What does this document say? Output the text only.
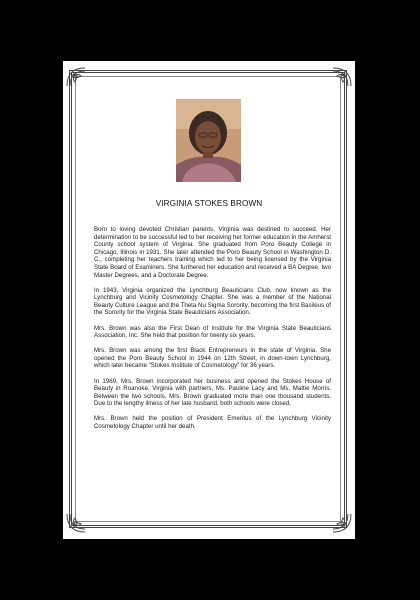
VIRGINIA STOKES BROWN

Born to loving devoted Christian parents, Virginia was destined to succeed. Her determination to be successful led to her receiving her former education in the Amherst County school system of Virginia. She graduated from Poro Beauty College in Chicago, Illinois in 1931. She later attended the Poro Beauty School in Washington D. C., completing her teachers training which led to her being licensed by the Virginia State Board of Examiners. She furthered her education and received a BA Degree, two Master Degrees, and a Doctorate Degree.

In 1943, Virginia organized the Lynchburg Beauticians Club, now known as the Lynchburg and Vicinity Cosmetology Chapter. She was a member of the National Beauty Culture League and the Theta Nu Sigma Sorority, becoming the first Basileus of the Sorority for the Virginia State Beauticians Association.

Mrs. Brown was also the First Dean of Institute for the Virginia State Beauticians Association, Inc. She held that position for twenty six years.

Mrs. Brown was among the first Black Entrepreneurs in the state of Virginia. She opened the Poro Beauty School in 1944 on 12th Street, in down-town Lynchburg, which later became "Stokes Institute of Cosmetology" for 36 years.

In 1969, Mrs. Brown incorporated her business and opened the Stokes House of Beauty in Roanoke, Virginia with partners, Ms. Pauline Lacy and Ms. Mattie Morris. Between the two schools, Mrs. Brown graduated more than one thousand students. Due to the lengthy illness of her late husband, both schools were closed.

Mrs. Brown held the position of President Emeritus of the Lynchburg Vicinity Cosmetology Chapter until her death.
